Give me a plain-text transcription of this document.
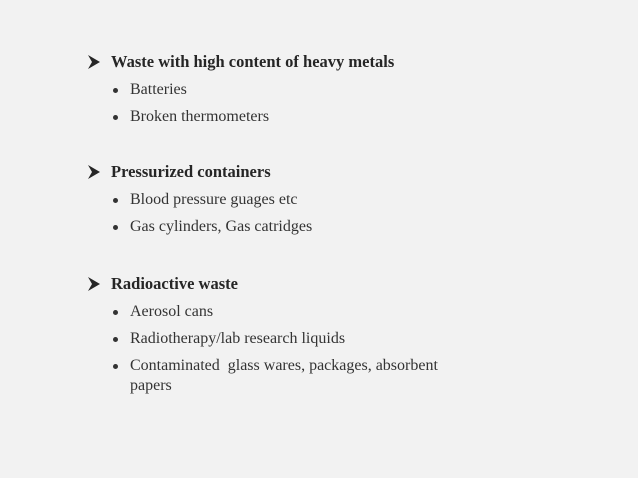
Waste with high content of heavy metals
Batteries
Broken thermometers
Pressurized containers
Blood pressure guages etc
Gas cylinders, Gas catridges
Radioactive waste
Aerosol cans
Radiotherapy/lab research liquids
Contaminated  glass wares, packages, absorbent papers
